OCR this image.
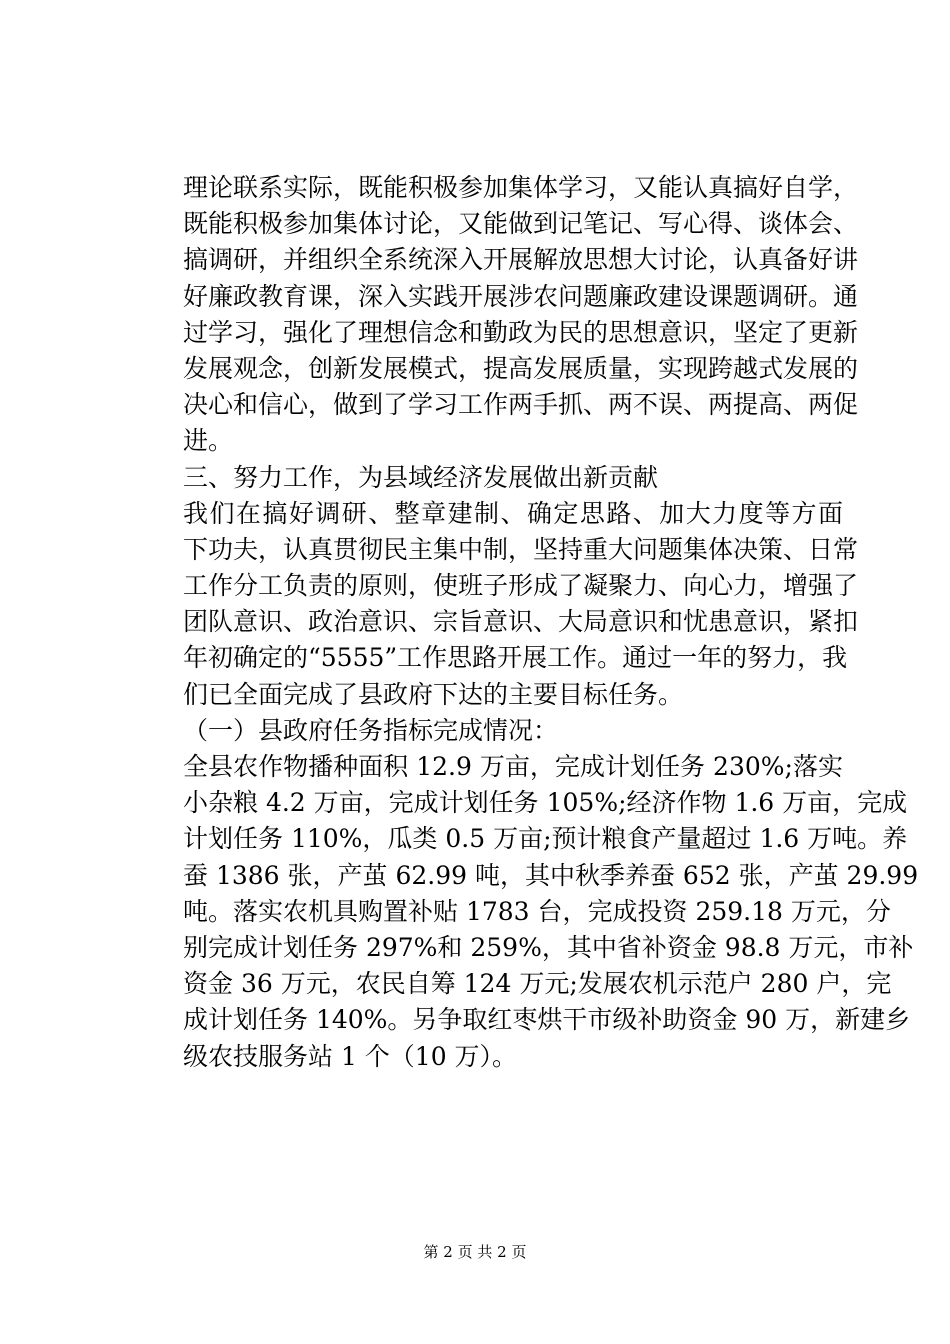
理论联系实际，既能积极参加集体学习，又能认真搞好自学，
既能积极参加集体讨论，又能做到记笔记、写心得、谈体会、
搞调研，并组织全系统深入开展解放思想大讨论，认真备好讲
好廉政教育课，深入实践开展涉农问题廉政建设课题调研。通
过学习，强化了理想信念和勤政为民的思想意识，坚定了更新
发展观念，创新发展模式，提高发展质量，实现跨越式发展的
决心和信心，做到了学习工作两手抓、两不误、两提高、两促
进。
三、努力工作，为县域经济发展做出新贡献
我们在搞好调研、整章建制、确定思路、加大力度等方面
下功夫，认真贯彻民主集中制，坚持重大问题集体决策、日常
工作分工负责的原则，使班子形成了凝聚力、向心力，增强了
团队意识、政治意识、宗旨意识、大局意识和忧患意识，紧扣
年初确定的“5555”工作思路开展工作。通过一年的努力，我
们已全面完成了县政府下达的主要目标任务。
（一）县政府任务指标完成情况：
全县农作物播种面积 12.9 万亩，完成计划任务 230%;落实
小杂粮 4.2 万亩，完成计划任务 105%;经济作物 1.6 万亩，完成
计划任务 110%，瓜类 0.5 万亩;预计粮食产量超过 1.6 万吨。养
蚕 1386 张，产茧 62.99 吨，其中秋季养蚕 652 张，产茧 29.99
吨。落实农机具购置补贴 1783 台，完成投资 259.18 万元，分
别完成计划任务 297%和 259%，其中省补资金 98.8 万元，市补
资金 36 万元，农民自筹 124 万元;发展农机示范户 280 户，完
成计划任务 140%。另争取红枣烘干市级补助资金 90 万，新建乡
级农技服务站 1 个（10 万）。
第 2 页 共 2 页
